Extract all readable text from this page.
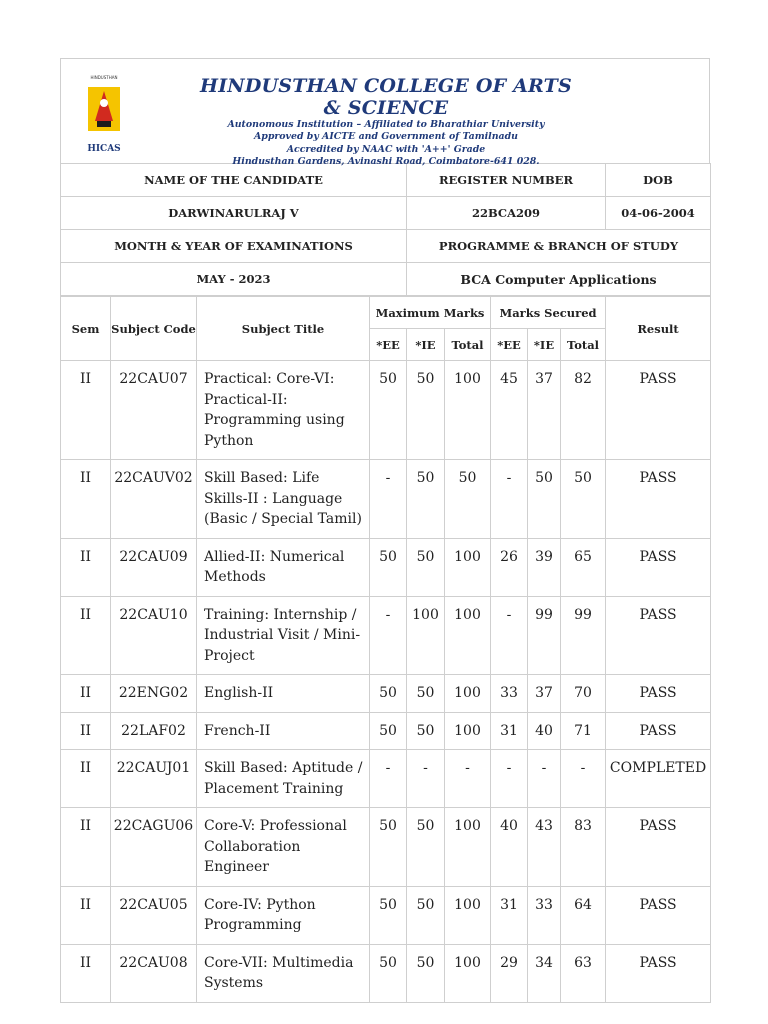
HINDUSTHAN
HICAS
HINDUSTHAN COLLEGE OF ARTS & SCIENCE
Autonomous Institution – Affiliated to Bharathiar University
Approved by AICTE and Government of Tamilnadu
Accredited by NAAC with 'A++' Grade
Hindusthan Gardens, Avinashi Road, Coimbatore-641 028.
NAME OF THE CANDIDATE	REGISTER NUMBER	DOB
DARWINARULRAJ V	22BCA209	04-06-2004
MONTH & YEAR OF EXAMINATIONS	PROGRAMME & BRANCH OF STUDY	
MAY - 2023	BCA Computer Applications	
Sem	Subject Code	Subject Title	Maximum Marks			Marks Secured			Result
			*EE	*IE	Total	*EE	*IE	Total	
II	22CAU07	Practical: Core-VI: Practical-II: Programming using Python	50	50	100	45	37	82	PASS
II	22CAUV02	Skill Based: Life Skills-II : Language (Basic / Special Tamil)	-	50	50	-	50	50	PASS
II	22CAU09	Allied-II: Numerical Methods	50	50	100	26	39	65	PASS
II	22CAU10	Training: Internship / Industrial Visit / Mini-Project	-	100	100	-	99	99	PASS
II	22ENG02	English-II	50	50	100	33	37	70	PASS
II	22LAF02	French-II	50	50	100	31	40	71	PASS
II	22CAUJ01	Skill Based: Aptitude / Placement Training	-	-	-	-	-	-	COMPLETED
II	22CAGU06	Core-V: Professional Collaboration Engineer	50	50	100	40	43	83	PASS
II	22CAU05	Core-IV: Python Programming	50	50	100	31	33	64	PASS
II	22CAU08	Core-VII: Multimedia Systems	50	50	100	29	34	63	PASS
